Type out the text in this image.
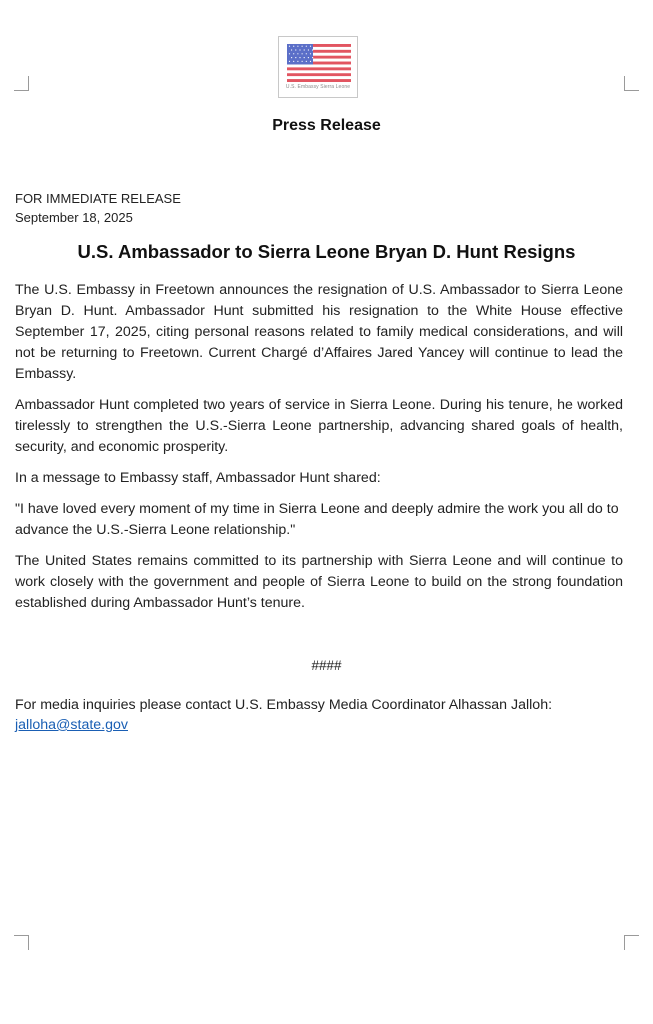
U.S. Embassy Sierra Leone
Press Release
FOR IMMEDIATE RELEASE
September 18, 2025
U.S. Ambassador to Sierra Leone Bryan D. Hunt Resigns

The U.S. Embassy in Freetown announces the resignation of U.S. Ambassador to Sierra Leone Bryan D. Hunt. Ambassador Hunt submitted his resignation to the White House effective September 17, 2025, citing personal reasons related to family medical considerations, and will not be returning to Freetown. Current Chargé d’Affaires Jared Yancey will continue to lead the Embassy.

Ambassador Hunt completed two years of service in Sierra Leone. During his tenure, he worked tirelessly to strengthen the U.S.-Sierra Leone partnership, advancing shared goals of health, security, and economic prosperity.

In a message to Embassy staff, Ambassador Hunt shared:

"I have loved every moment of my time in Sierra Leone and deeply admire the work you all do to advance the U.S.-Sierra Leone relationship."

The United States remains committed to its partnership with Sierra Leone and will continue to work closely with the government and people of Sierra Leone to build on the strong foundation established during Ambassador Hunt’s tenure.

####
For media inquiries please contact U.S. Embassy Media Coordinator Alhassan Jalloh:
jalloha@state.gov
